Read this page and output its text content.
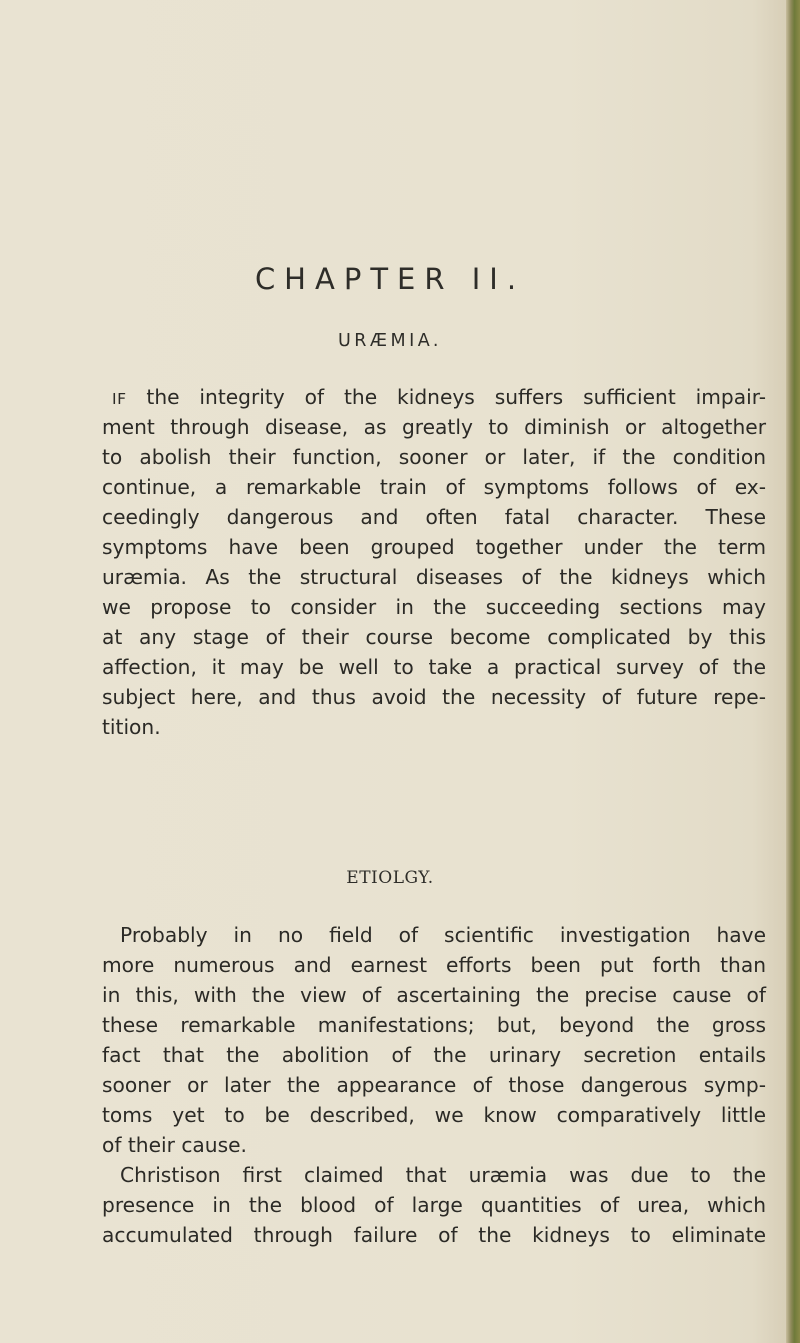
CHAPTER II.
URÆMIA.
IF the integrity of the kidneys suffers sufficient impair-
ment through disease, as greatly to diminish or altogether
to abolish their function, sooner or later, if the condition
continue, a remarkable train of symptoms follows of ex-
ceedingly dangerous and often fatal character. These
symptoms have been grouped together under the term
uræmia. As the structural diseases of the kidneys which
we propose to consider in the succeeding sections may
at any stage of their course become complicated by this
affection, it may be well to take a practical survey of the
subject here, and thus avoid the necessity of future repe-
tition.
ETIOLGY.
Probably in no field of scientific investigation have
more numerous and earnest efforts been put forth than
in this, with the view of ascertaining the precise cause of
these remarkable manifestations; but, beyond the gross
fact that the abolition of the urinary secretion entails
sooner or later the appearance of those dangerous symp-
toms yet to be described, we know comparatively little
of their cause.
Christison first claimed that uræmia was due to the
presence in the blood of large quantities of urea, which
accumulated through failure of the kidneys to eliminate
